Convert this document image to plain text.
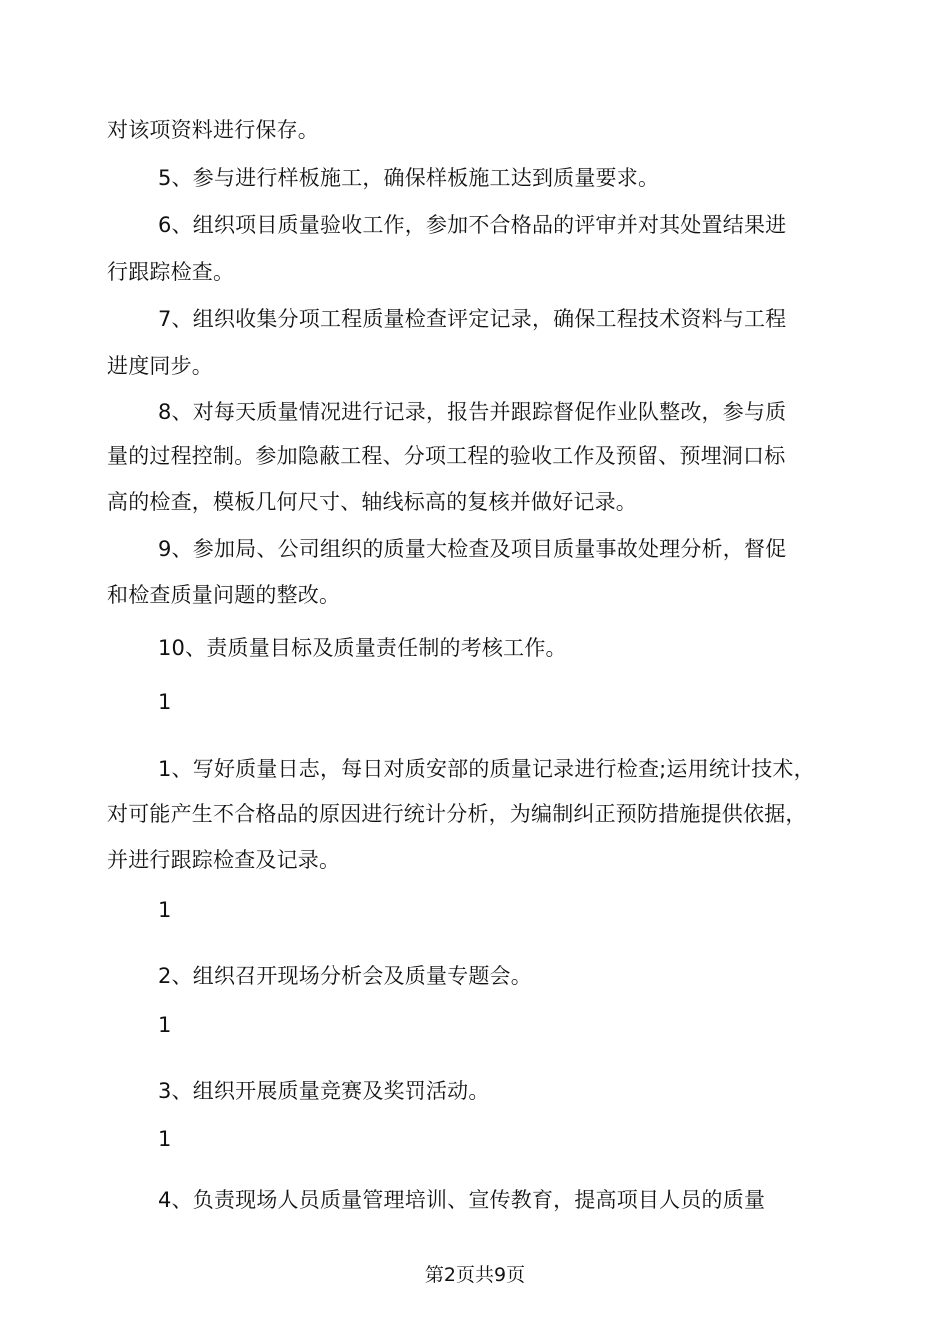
对该项资料进行保存。
5、参与进行样板施工，确保样板施工达到质量要求。
6、组织项目质量验收工作，参加不合格品的评审并对其处置结果进
行跟踪检查。
7、组织收集分项工程质量检查评定记录，确保工程技术资料与工程
进度同步。
8、对每天质量情况进行记录，报告并跟踪督促作业队整改，参与质
量的过程控制。参加隐蔽工程、分项工程的验收工作及预留、预埋洞口标
高的检查，模板几何尺寸、轴线标高的复核并做好记录。
9、参加局、公司组织的质量大检查及项目质量事故处理分析，督促
和检查质量问题的整改。
10、责质量目标及质量责任制的考核工作。
1
1、写好质量日志，每日对质安部的质量记录进行检查;运用统计技术，
对可能产生不合格品的原因进行统计分析，为编制纠正预防措施提供依据，
并进行跟踪检查及记录。
1
2、组织召开现场分析会及质量专题会。
1
3、组织开展质量竞赛及奖罚活动。
1
4、负责现场人员质量管理培训、宣传教育，提高项目人员的质量
第2页共9页
